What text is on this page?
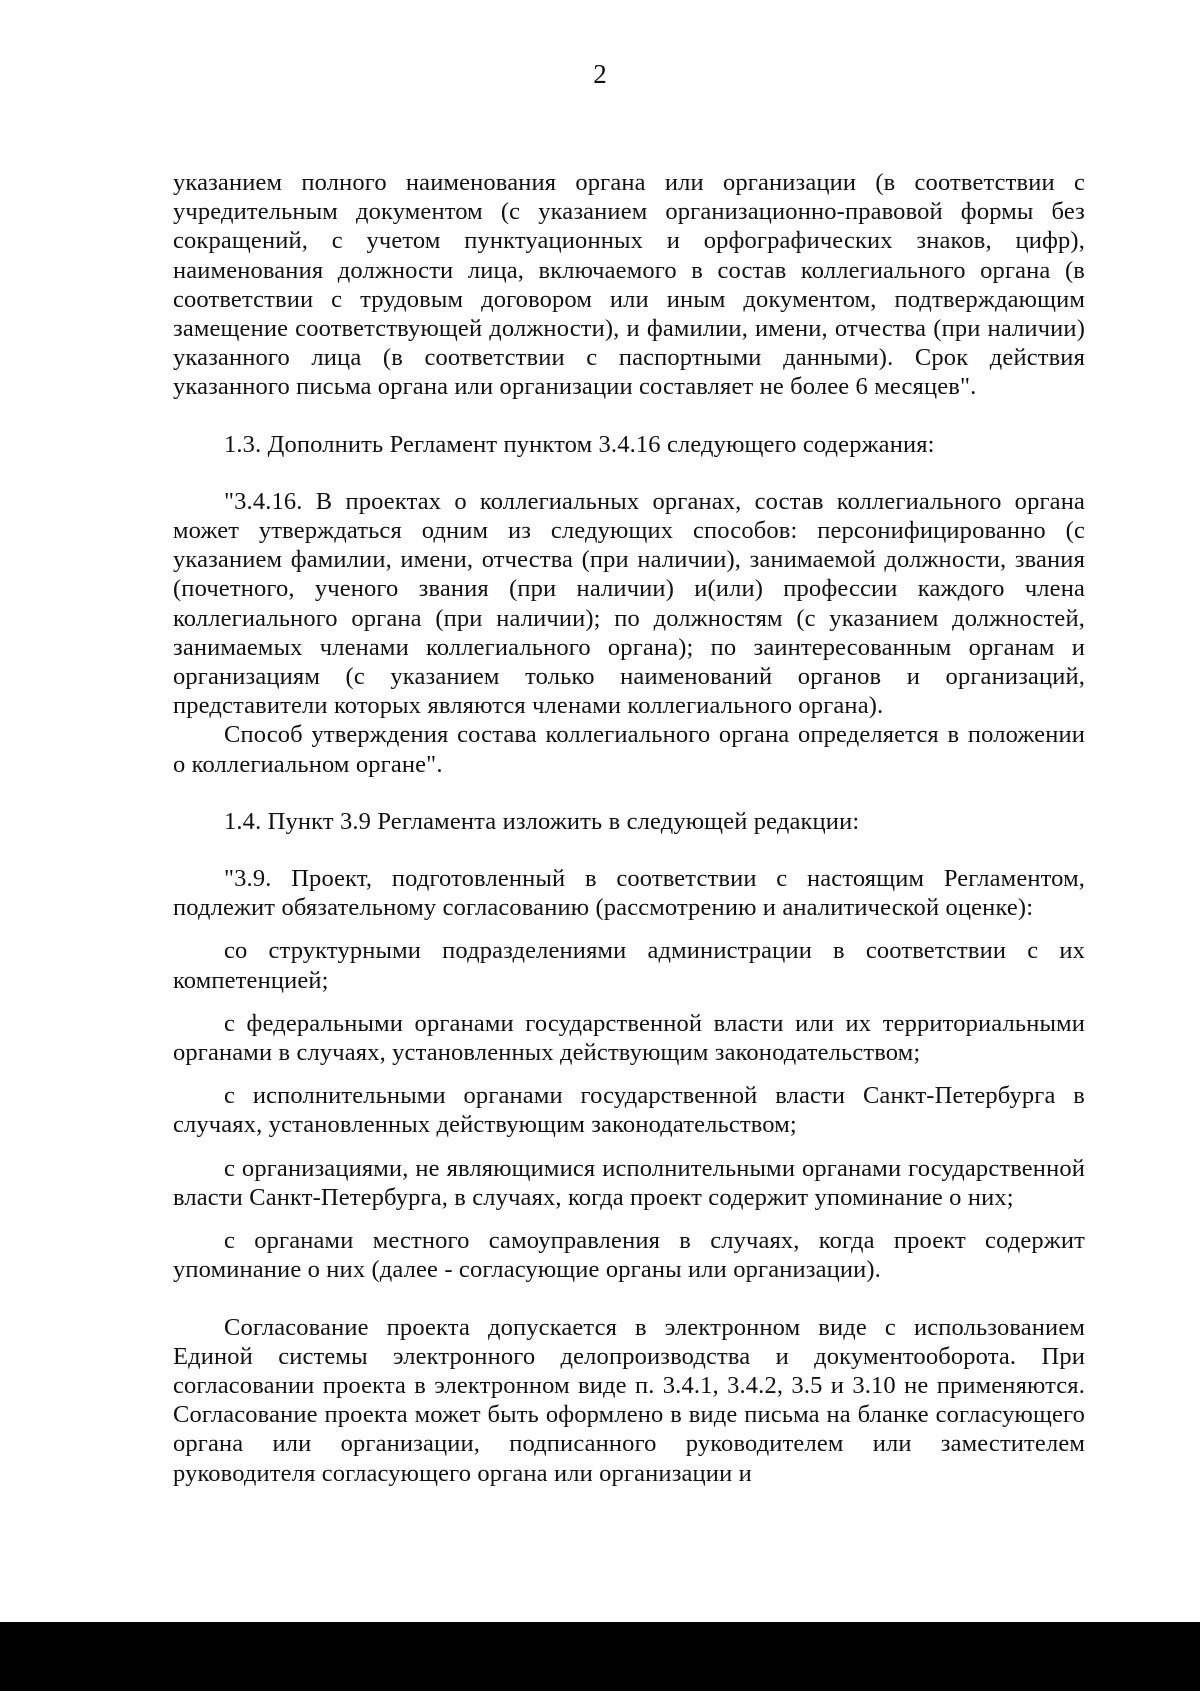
2

указанием полного наименования органа или организации (в соответствии с учредительным документом (с указанием организационно-правовой формы без сокращений, с учетом пунктуационных и орфографических знаков, цифр), наименования должности лица, включаемого в состав коллегиального органа (в соответствии с трудовым договором или иным документом, подтверждающим замещение соответствующей должности), и фамилии, имени, отчества (при наличии) указанного лица (в соответствии с паспортными данными). Срок действия указанного письма органа или организации составляет не более 6 месяцев".

1.3. Дополнить Регламент пунктом 3.4.16 следующего содержания:

"3.4.16. В проектах о коллегиальных органах, состав коллегиального органа может утверждаться одним из следующих способов: персонифицированно (с указанием фамилии, имени, отчества (при наличии), занимаемой должности, звания (почетного, ученого звания (при наличии) и(или) профессии каждого члена коллегиального органа (при наличии); по должностям (с указанием должностей, занимаемых членами коллегиального органа); по заинтересованным органам и организациям (с указанием только наименований органов и организаций, представители которых являются членами коллегиального органа).

Способ утверждения состава коллегиального органа определяется в положении о коллегиальном органе".

1.4. Пункт 3.9 Регламента изложить в следующей редакции:

"3.9. Проект, подготовленный в соответствии с настоящим Регламентом, подлежит обязательному согласованию (рассмотрению и аналитической оценке):

со структурными подразделениями администрации в соответствии с их компетенцией;

с федеральными органами государственной власти или их территориальными органами в случаях, установленных действующим законодательством;

с исполнительными органами государственной власти Санкт-Петербурга в случаях, установленных действующим законодательством;

с организациями, не являющимися исполнительными органами государственной власти Санкт-Петербурга, в случаях, когда проект содержит упоминание о них;

с органами местного самоуправления в случаях, когда проект содержит упоминание о них (далее - согласующие органы или организации).

Согласование проекта допускается в электронном виде с использованием Единой системы электронного делопроизводства и документооборота. При согласовании проекта в электронном виде п. 3.4.1, 3.4.2, 3.5 и 3.10 не применяются. Согласование проекта может быть оформлено в виде письма на бланке согласующего органа или организации, подписанного руководителем или заместителем руководителя согласующего органа или организации и
